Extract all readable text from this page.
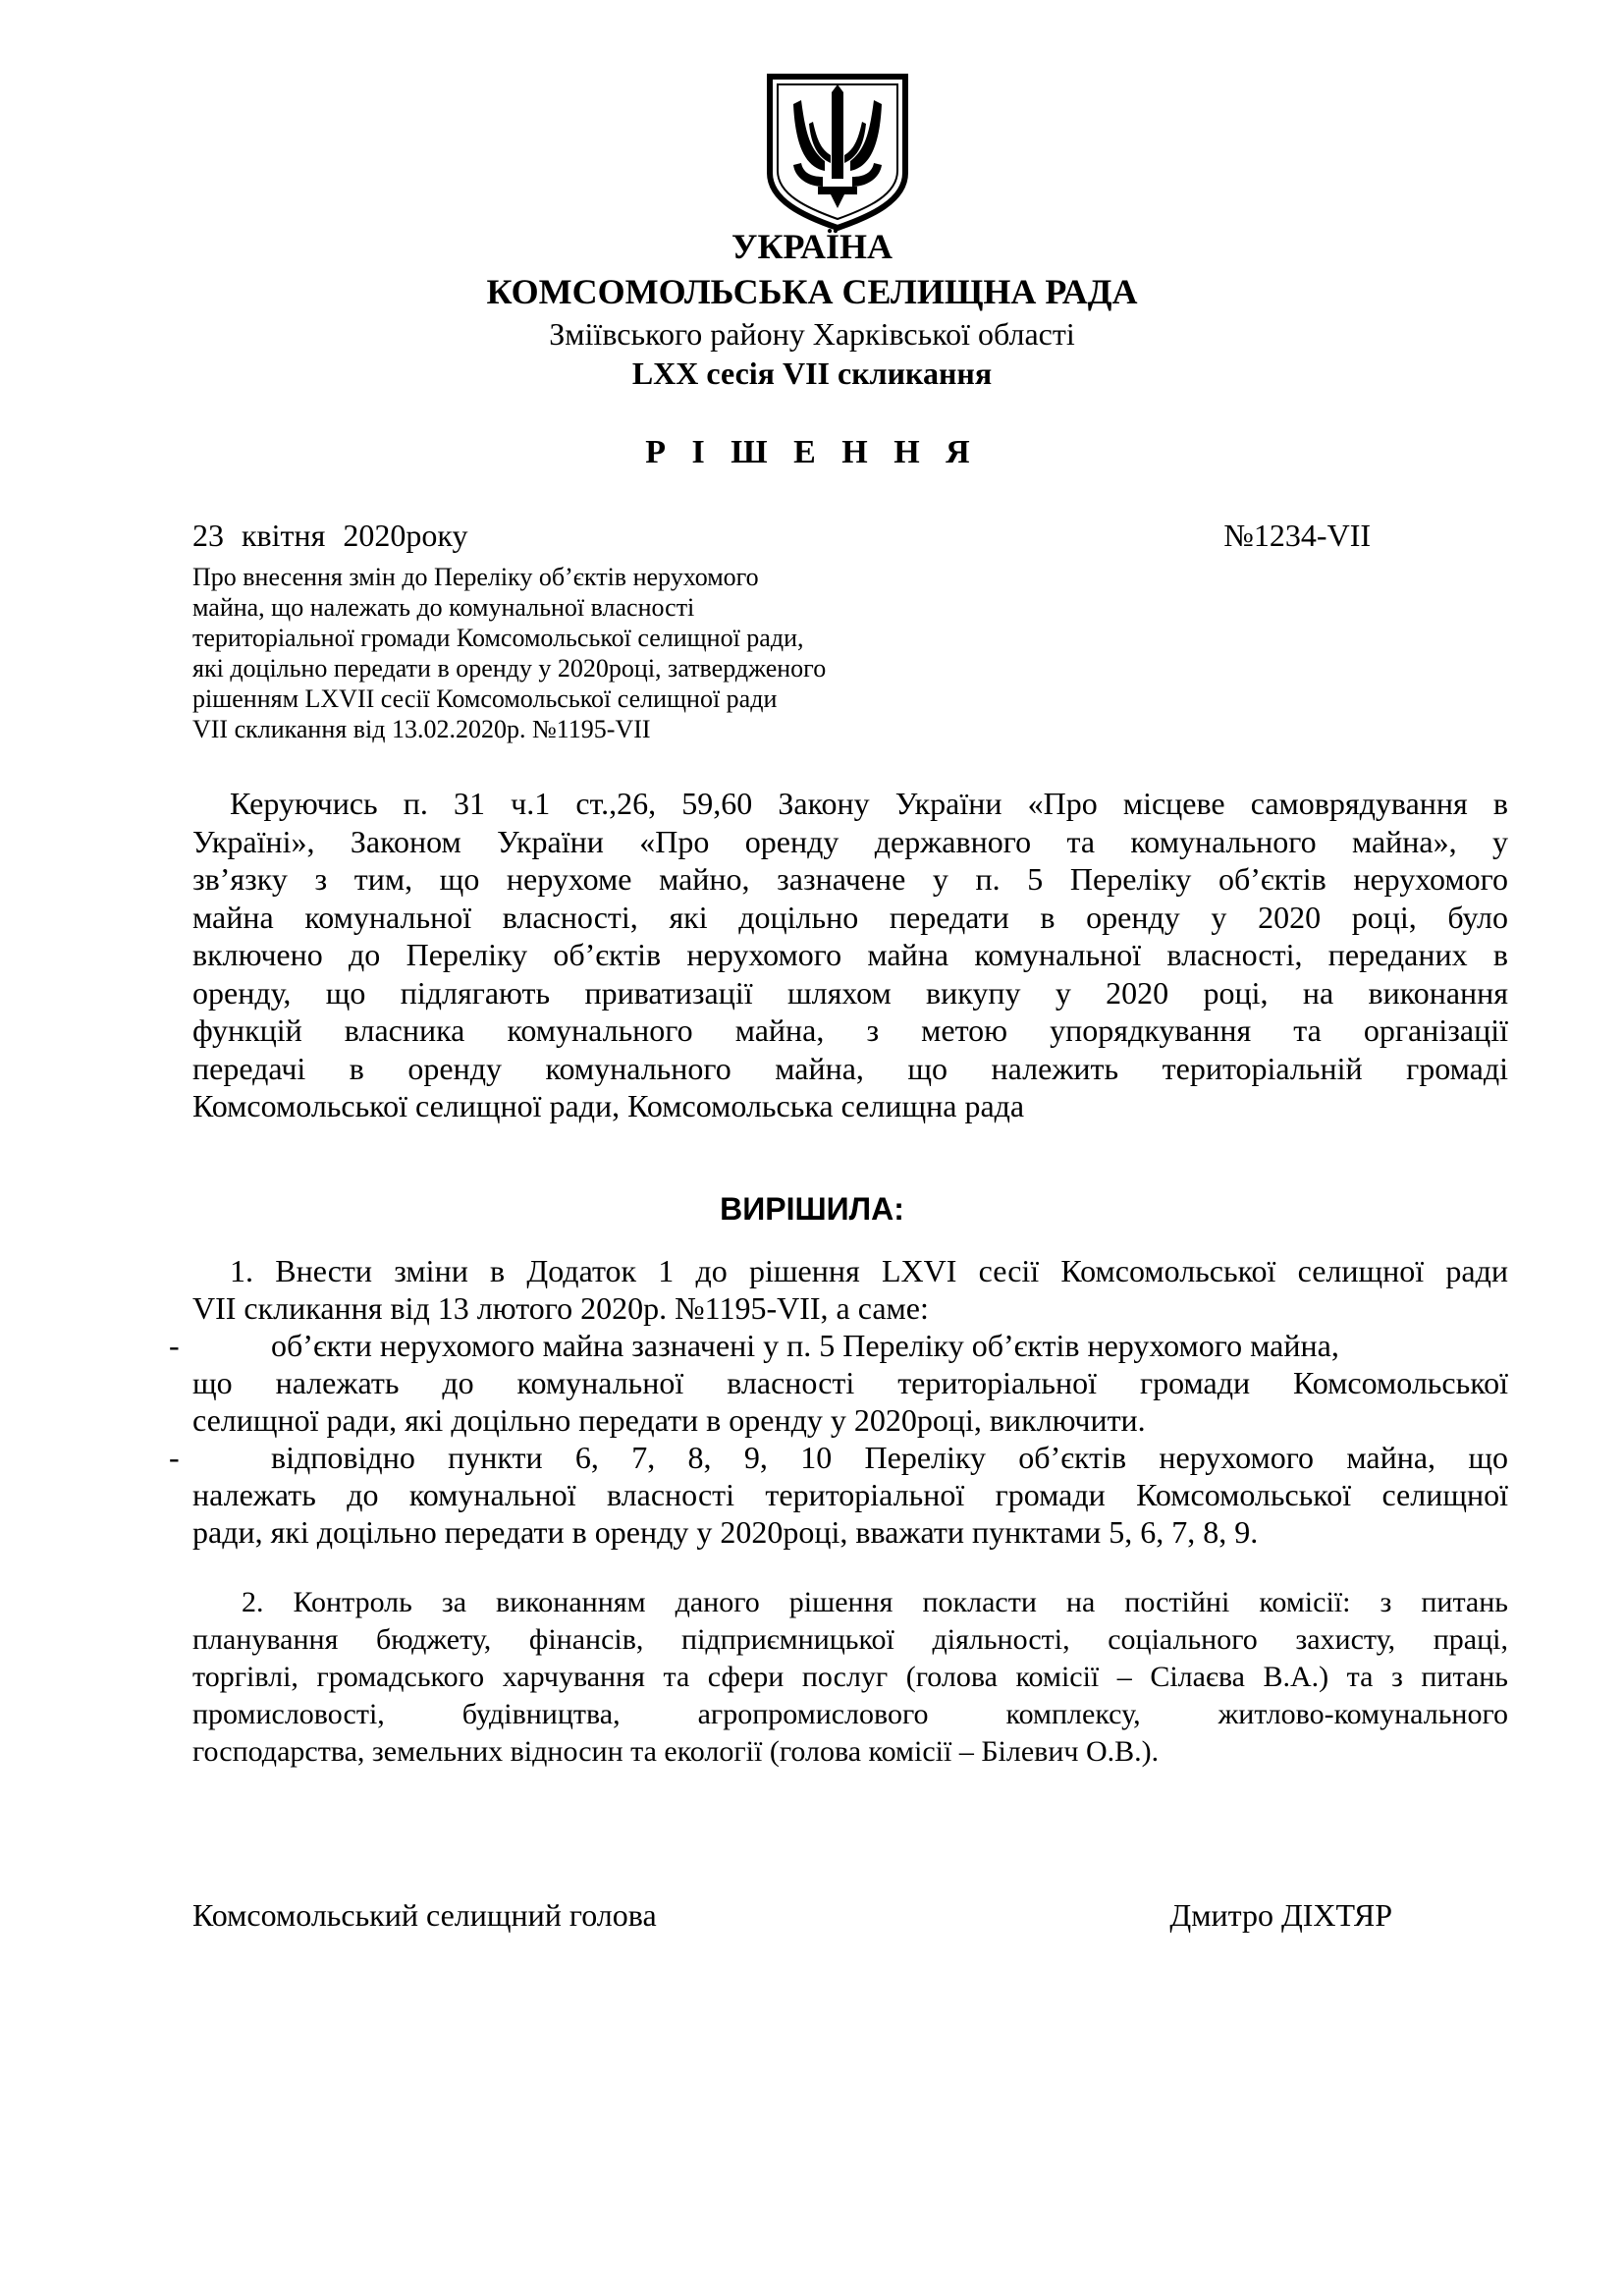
УКРАЇНА
КОМСОМОЛЬСЬКА СЕЛИЩНА РАДА
Зміївського району Харківської області
LXX сесія VII скликання
Р І Ш Е Н Н Я
23 квітня 2020року	№1234-VII
Про внесення змін до Переліку об’єктів нерухомого
майна, що належать до комунальної власності
територіальної громади Комсомольської селищної ради,
які доцільно передати в оренду у 2020році, затвердженого
рішенням LXVII сесії Комсомольської селищної ради
VII скликання від 13.02.2020р. №1195-VII
Керуючись п. 31 ч.1 ст.,26, 59,60 Закону України «Про місцеве самоврядування в
Україні», Законом України «Про оренду державного та комунального майна», у
зв’язку з тим, що нерухоме майно, зазначене у п. 5 Переліку об’єктів нерухомого
майна комунальної власності, які доцільно передати в оренду у 2020 році, було
включено до Переліку об’єктів нерухомого майна комунальної власності, переданих в
оренду, що підлягають приватизації шляхом викупу у 2020 році, на виконання
функцій власника комунального майна, з метою упорядкування та організації
передачі в оренду комунального майна, що належить територіальній громаді
Комсомольської селищної ради, Комсомольська селищна рада
ВИРІШИЛА:
1. Внести зміни в Додаток 1 до рішення LXVI сесії Комсомольської селищної ради
VII скликання від 13 лютого 2020р. №1195-VII, а саме:
-	об’єкти нерухомого майна зазначені у п. 5 Переліку об’єктів нерухомого майна,
що належать до комунальної власності територіальної громади Комсомольської
селищної ради, які доцільно передати в оренду у 2020році, виключити.
-	відповідно пункти 6, 7, 8, 9, 10 Переліку об’єктів нерухомого майна, що
належать до комунальної власності територіальної громади Комсомольської селищної
ради, які доцільно передати в оренду у 2020році, вважати пунктами 5, 6, 7, 8, 9.
2. Контроль за виконанням даного рішення покласти на постійні комісії: з питань
планування бюджету, фінансів, підприємницької діяльності, соціального захисту, праці,
торгівлі, громадського харчування та сфери послуг (голова комісії – Сілаєва В.А.) та з питань
промисловості, будівництва, агропромислового комплексу, житлово-комунального
господарства, земельних відносин та екології (голова комісії – Білевич О.В.).
Комсомольський селищний голова	Дмитро ДІХТЯР
